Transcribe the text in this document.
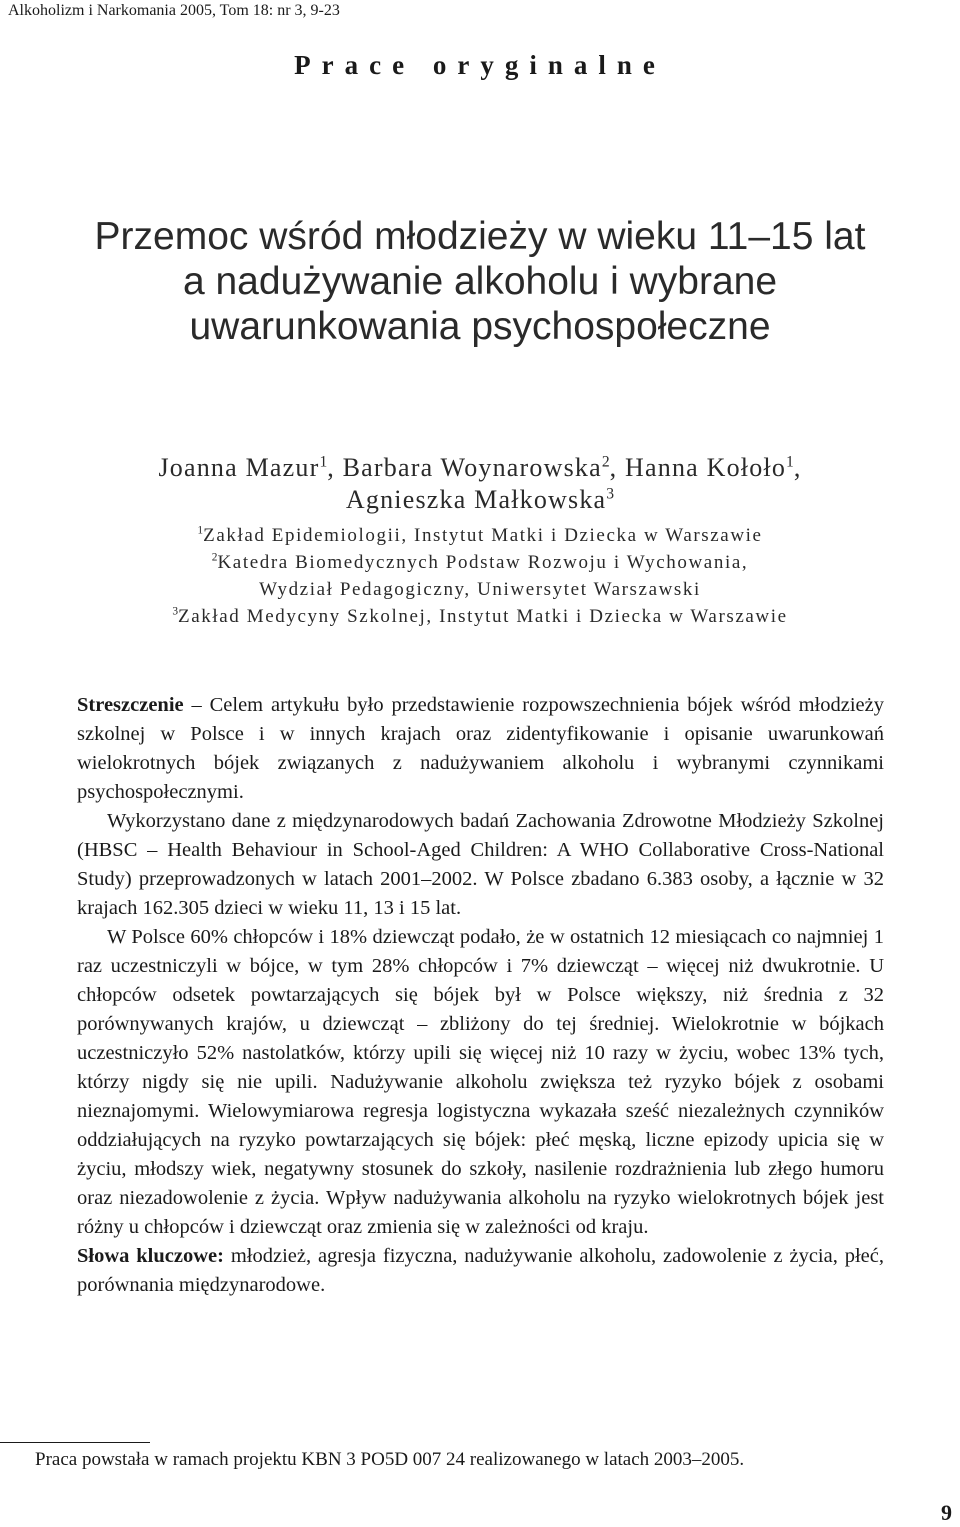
Alkoholizm i Narkomania 2005, Tom 18: nr 3, 9-23
Prace oryginalne
Przemoc wśród młodzieży w wieku 11–15 lat
a nadużywanie alkoholu i wybrane
uwarunkowania psychospołeczne
Joanna Mazur$^1$, Barbara Woynarowska$^2$, Hanna Kołoło$^1$,
Agnieszka Małkowska$^3$
$^1$Zakład Epidemiologii, Instytut Matki i Dziecka w Warszawie
$^2$Katedra Biomedycznych Podstaw Rozwoju i Wychowania,
Wydział Pedagogiczny, Uniwersytet Warszawski
$^3$Zakład Medycyny Szkolnej, Instytut Matki i Dziecka w Warszawie

Streszczenie – Celem artykułu było przedstawienie rozpowszechnienia bójek wśród młodzieży szkolnej w Polsce i w innych krajach oraz zidentyfikowanie i opisanie uwarunkowań wielokrotnych bójek związanych z nadużywaniem alkoholu i wybranymi czynnikami psychospołecznymi.

Wykorzystano dane z międzynarodowych badań Zachowania Zdrowotne Młodzieży Szkolnej (HBSC – Health Behaviour in School-Aged Children: A WHO Collaborative Cross-National Study) przeprowadzonych w latach 2001–2002. W Polsce zbadano 6.383 osoby, a łącznie w 32 krajach 162.305 dzieci w wieku 11, 13 i 15 lat.

W Polsce 60% chłopców i 18% dziewcząt podało, że w ostatnich 12 miesiącach co najmniej 1 raz uczestniczyli w bójce, w tym 28% chłopców i 7% dziewcząt – więcej niż dwukrotnie. U chłopców odsetek powtarzających się bójek był w Polsce większy, niż średnia z 32 porównywanych krajów, u dziewcząt – zbliżony do tej średniej. Wielokrotnie w bójkach uczestniczyło 52% nastolatków, którzy upili się więcej niż 10 razy w życiu, wobec 13% tych, którzy nigdy się nie upili. Nadużywanie alkoholu zwiększa też ryzyko bójek z osobami nieznajomymi. Wielowymiarowa regresja logistyczna wykazała sześć niezależnych czynników oddziałujących na ryzyko powtarzających się bójek: płeć męską, liczne epizody upicia się w życiu, młodszy wiek, negatywny stosunek do szkoły, nasilenie rozdrażnienia lub złego humoru oraz niezadowolenie z życia. Wpływ nadużywania alkoholu na ryzyko wielokrotnych bójek jest różny u chłopców i dziewcząt oraz zmienia się w zależności od kraju.

Słowa kluczowe: młodzież, agresja fizyczna, nadużywanie alkoholu, zadowolenie z życia, płeć, porównania międzynarodowe.

Praca powstała w ramach projektu KBN 3 PO5D 007 24 realizowanego w latach 2003–2005.
9
